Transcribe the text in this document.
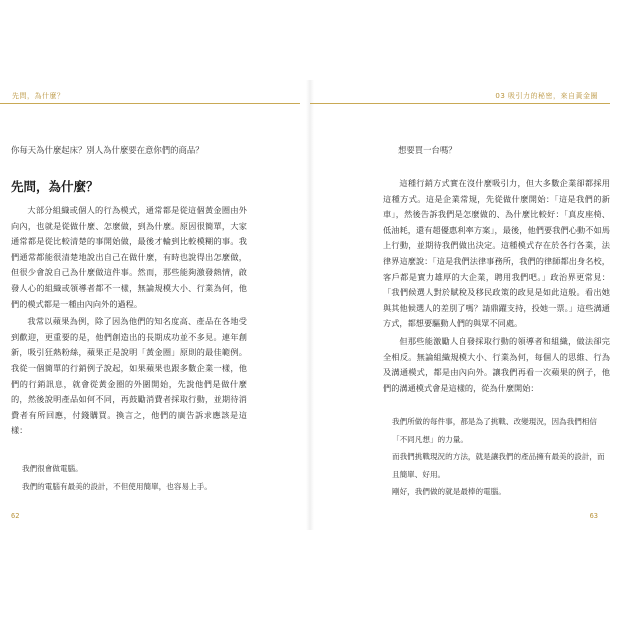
先問，為什麼？
你每天為什麼起床？別人為什麼要在意你們的商品？
先問，為什麼？

大部分組織或個人的行為模式，通常都是從這個黃金圈由外向內，也就是從做什麼、怎麼做，到為什麼。原因很簡單，大家通常都是從比較清楚的事開始做，最後才輪到比較模糊的事。我們通常都能很清楚地說出自己在做什麼，有時也說得出怎麼做，但很少會說自己為什麼做這件事。然而，那些能夠激發熱情，啟發人心的組織或領導者都不一樣，無論規模大小、行業為何，他們的模式都是一種由內向外的過程。

我常以蘋果為例，除了因為他們的知名度高、產品在各地受到歡迎，更重要的是，他們創造出的長期成功並不多見。連年創新，吸引狂熱粉絲，蘋果正是說明「黃金圈」原則的最佳範例。我從一個簡單的行銷例子說起，如果蘋果也跟多數企業一樣，他們的行銷訊息，就會從黃金圈的外圍開始，先說他們是做什麼的，然後說明產品如何不同，再鼓勵消費者採取行動，並期待消費者有所回應，付錢購買。換言之，他們的廣告訴求應該是這樣：

我們很會做電腦。

我們的電腦有最美的設計，不但使用簡單，也容易上手。

62
03 吸引力的秘密，來自黃金圈
想要買一台嗎？

這種行銷方式實在沒什麼吸引力，但大多數企業卻都採用這種方式。這是企業常規，先從做什麼開始：「這是我們的新車」，然後告訴我們是怎麼做的、為什麼比較好：「真皮座椅、低油耗，還有超優惠利率方案」，最後，他們要我們心動不如馬上行動，並期待我們做出決定。這種模式存在於各行各業，法律界這麼說：「這是我們法律事務所，我們的律師都出身名校，客戶都是實力雄厚的大企業，聘用我們吧。」政治界更常見：「我們候選人對於賦稅及移民政策的政見是如此這般。看出她與其他候選人的差別了嗎？請鼎躍支持，投她一票。」這些溝通方式，都想要驅動人們的與眾不同處。

但那些能激勵人自發採取行動的領導者和組織，做法卻完全相反。無論組織規模大小、行業為何，每個人的思維、行為及溝通模式，都是由內向外。讓我們再看一次蘋果的例子，他們的溝通模式會是這樣的，從為什麼開始：

我們所做的每件事，都是為了挑戰、改變現況，因為我們相信「不同凡想」的力量。

而我們挑戰現況的方法，就是讓我們的產品擁有最美的設計，而且簡單、好用。

剛好，我們做的就是最棒的電腦。

63
